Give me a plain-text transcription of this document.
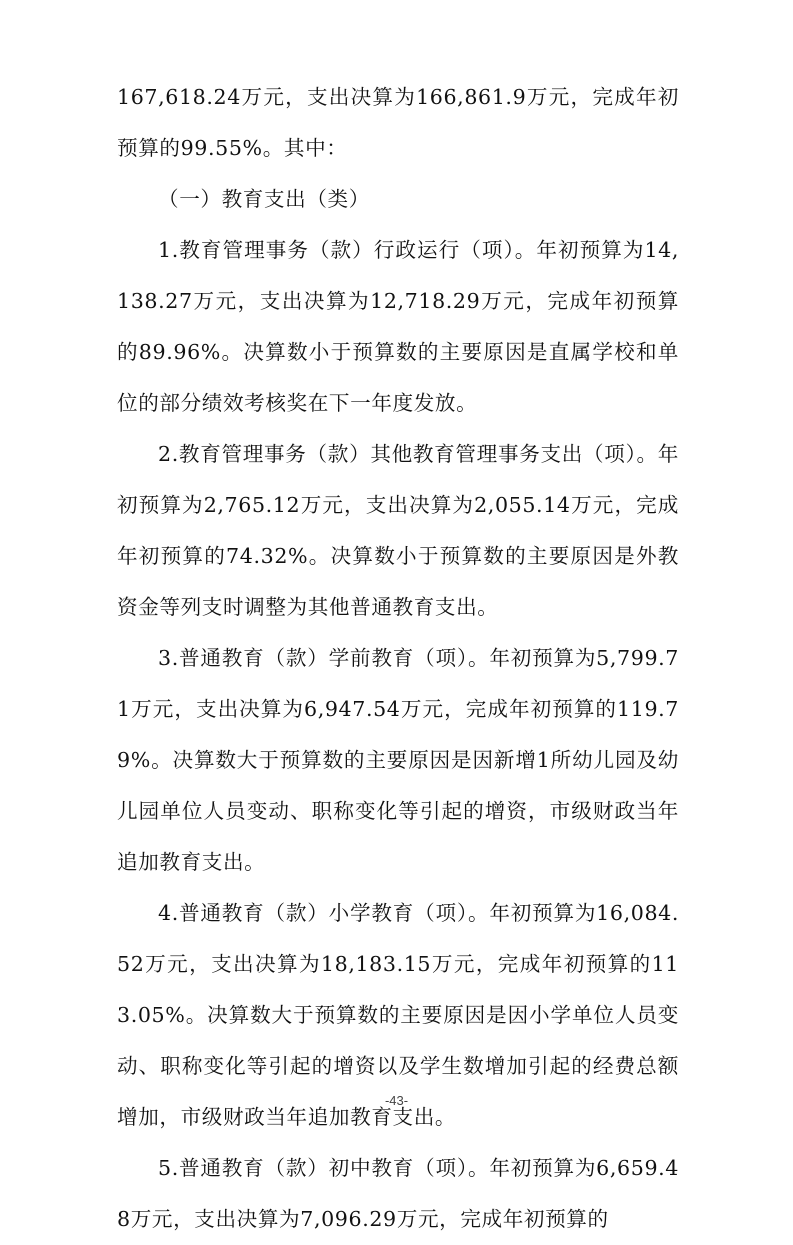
167,618.24万元，支出决算为166,861.9万元，完成年初预算的99.55%。其中：

（一）教育支出（类）

1.教育管理事务（款）行政运行（项）。年初预算为14,138.27万元，支出决算为12,718.29万元，完成年初预算的89.96%。决算数小于预算数的主要原因是直属学校和单位的部分绩效考核奖在下一年度发放。

2.教育管理事务（款）其他教育管理事务支出（项）。年初预算为2,765.12万元，支出决算为2,055.14万元，完成年初预算的74.32%。决算数小于预算数的主要原因是外教资金等列支时调整为其他普通教育支出。

3.普通教育（款）学前教育（项）。年初预算为5,799.71万元，支出决算为6,947.54万元，完成年初预算的119.79%。决算数大于预算数的主要原因是因新增1所幼儿园及幼儿园单位人员变动、职称变化等引起的增资，市级财政当年追加教育支出。

4.普通教育（款）小学教育（项）。年初预算为16,084.52万元，支出决算为18,183.15万元，完成年初预算的113.05%。决算数大于预算数的主要原因是因小学单位人员变动、职称变化等引起的增资以及学生数增加引起的经费总额增加，市级财政当年追加教育支出。

5.普通教育（款）初中教育（项）。年初预算为6,659.48万元，支出决算为7,096.29万元，完成年初预算的

-43-
